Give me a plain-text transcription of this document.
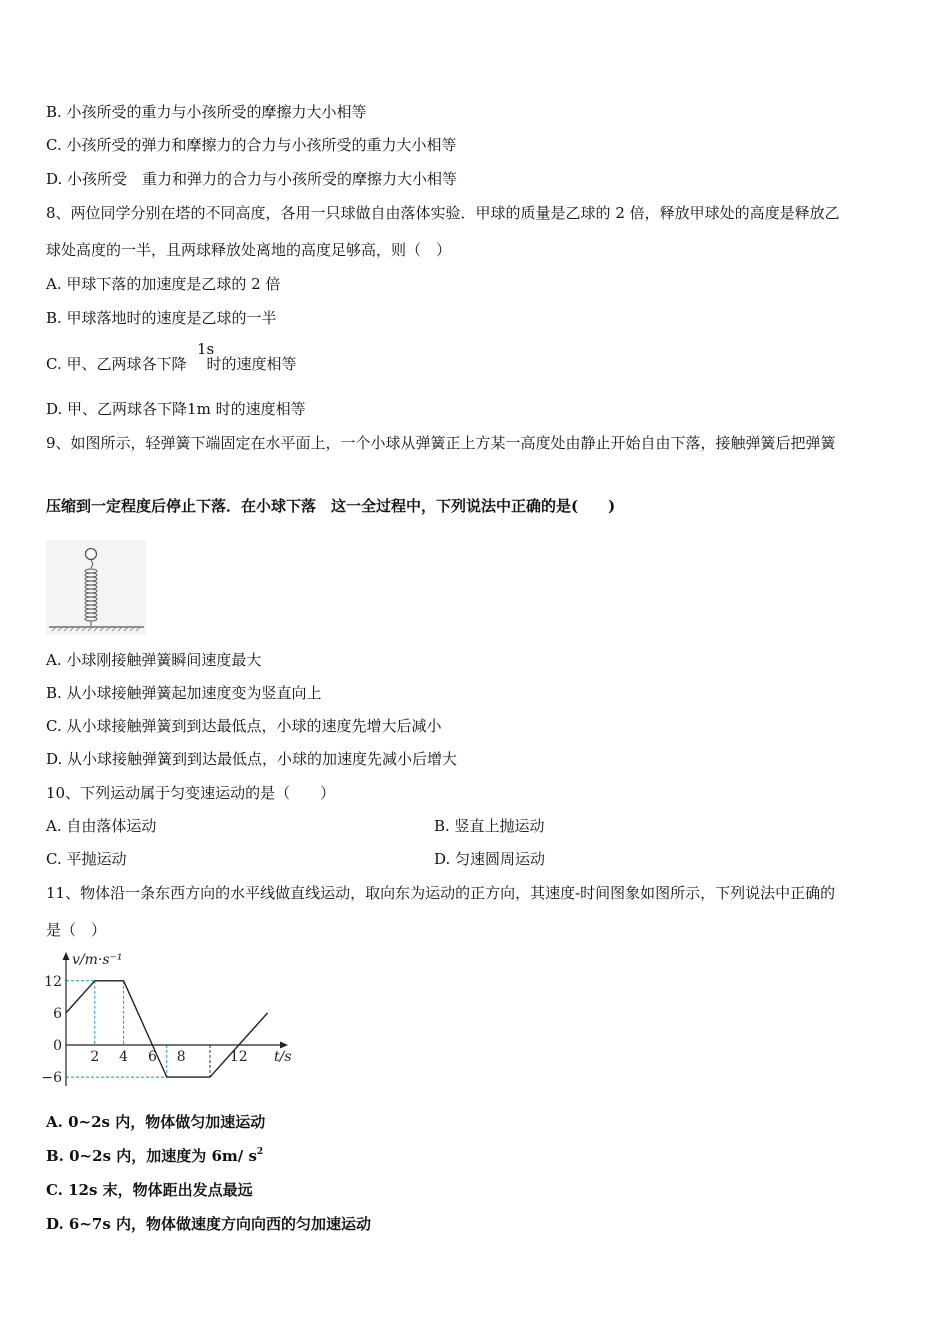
B. 小孩所受的重力与小孩所受的摩擦力大小相等
C. 小孩所受的弹力和摩擦力的合力与小孩所受的重力大小相等
D. 小孩所受　重力和弹力的合力与小孩所受的摩擦力大小相等
8、两位同学分别在塔的不同高度，各用一只球做自由落体实验．甲球的质量是乙球的 2 倍，释放甲球处的高度是释放乙
球处高度的一半，且两球释放处离地的高度足够高，则（　）
A. 甲球下落的加速度是乙球的 2 倍
B. 甲球落地时的速度是乙球的一半
C. 甲、乙两球各下降 时的速度相等
1s
D. 甲、乙两球各下降1m 时的速度相等
9、如图所示，轻弹簧下端固定在水平面上，一个小球从弹簧正上方某一高度处由静止开始自由下落，接触弹簧后把弹簧
压缩到一定程度后停止下落．在小球下落　这一全过程中，下列说法中正确的是(　　)
A. 小球刚接触弹簧瞬间速度最大
B. 从小球接触弹簧起加速度变为竖直向上
C. 从小球接触弹簧到到达最低点，小球的速度先增大后减小
D. 从小球接触弹簧到到达最低点，小球的加速度先减小后增大
10、下列运动属于匀变速运动的是（　　）
A. 自由落体运动	B. 竖直上抛运动
C. 平抛运动	D. 匀速圆周运动
11、物体沿一条东西方向的水平线做直线运动，取向东为运动的正方向，其速度-时间图象如图所示，下列说法中正确的
是（　）
12
6
0
−6
2 4 6 8	12
v/m·s⁻¹
t/s
A. 0~2s 内，物体做匀加速运动
B. 0~2s 内，加速度为 6m/ $s^2$
C. 12s 末，物体距出发点最远
D. 6~7s 内，物体做速度方向向西的匀加速运动
